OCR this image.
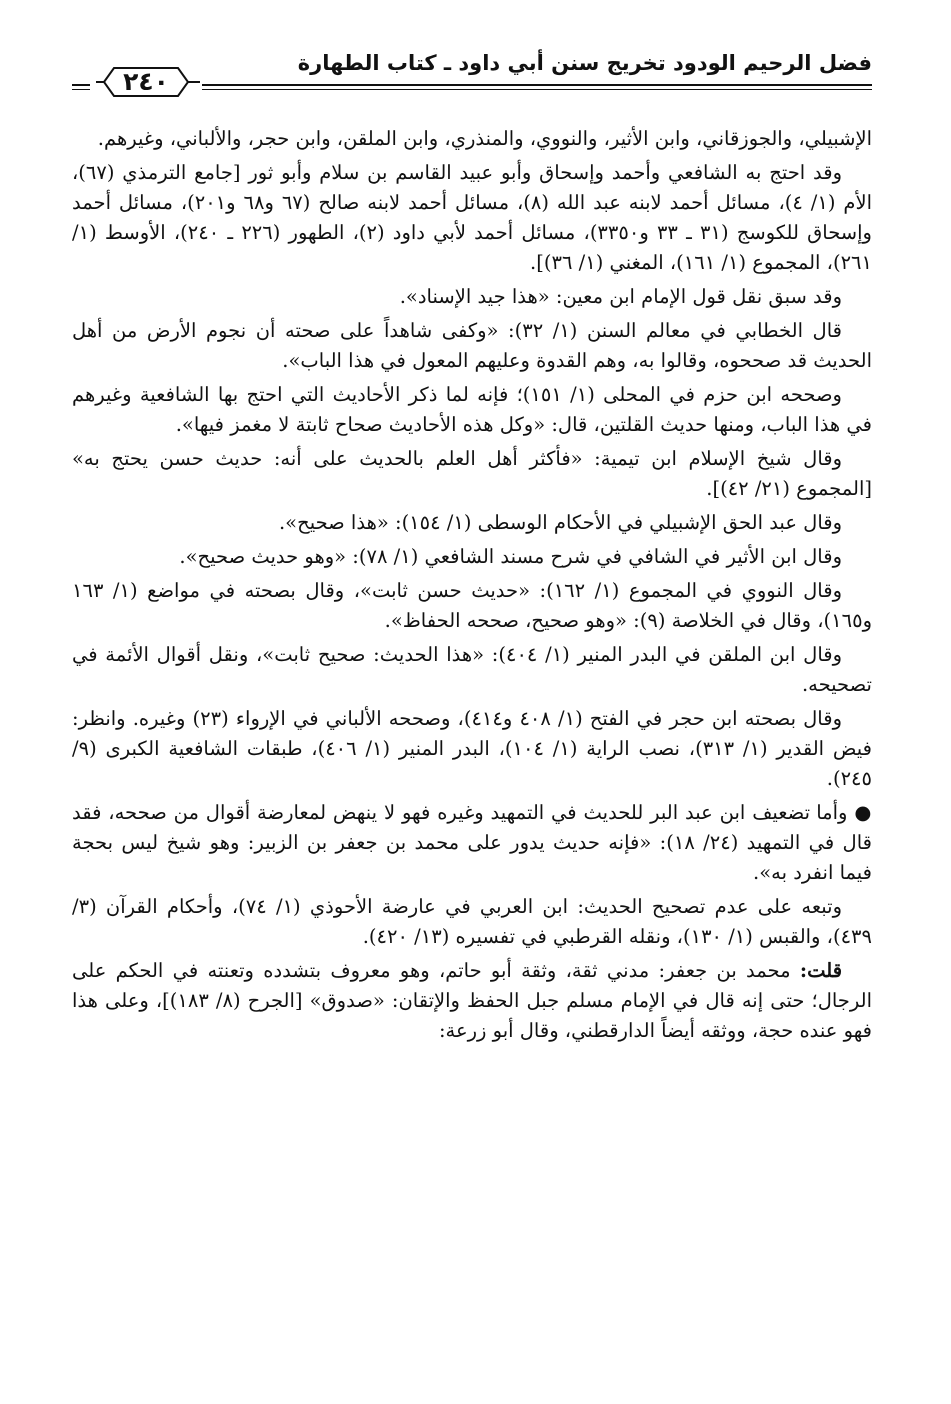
فضل الرحيم الودود تخريج سنن أبي داود ـ كتاب الطهارة
٢٤٠

الإشبيلي، والجوزقاني، وابن الأثير، والنووي، والمنذري، وابن الملقن، وابن حجر، والألباني، وغيرهم.

وقد احتج به الشافعي وأحمد وإسحاق وأبو عبيد القاسم بن سلام وأبو ثور [جامع الترمذي (٦٧)، الأم (١/ ٤)، مسائل أحمد لابنه عبد الله (٨)، مسائل أحمد لابنه صالح (٦٧ و٦٨ و٢٠١)، مسائل أحمد وإسحاق للكوسج (٣١ ـ ٣٣ و٣٣٥٠)، مسائل أحمد لأبي داود (٢)، الطهور (٢٢٦ ـ ٢٤٠)، الأوسط (١/ ٢٦١)، المجموع (١/ ١٦١)، المغني (١/ ٣٦)].

وقد سبق نقل قول الإمام ابن معين: «هذا جيد الإسناد».

قال الخطابي في معالم السنن (١/ ٣٢): «وكفى شاهداً على صحته أن نجوم الأرض من أهل الحديث قد صححوه، وقالوا به، وهم القدوة وعليهم المعول في هذا الباب».

وصححه ابن حزم في المحلى (١/ ١٥١)؛ فإنه لما ذكر الأحاديث التي احتج بها الشافعية وغيرهم في هذا الباب، ومنها حديث القلتين، قال: «وكل هذه الأحاديث صحاح ثابتة لا مغمز فيها».

وقال شيخ الإسلام ابن تيمية: «فأكثر أهل العلم بالحديث على أنه: حديث حسن يحتج به» [المجموع (٢١/ ٤٢)].

وقال عبد الحق الإشبيلي في الأحكام الوسطى (١/ ١٥٤): «هذا صحيح».

وقال ابن الأثير في الشافي في شرح مسند الشافعي (١/ ٧٨): «وهو حديث صحيح».

وقال النووي في المجموع (١/ ١٦٢): «حديث حسن ثابت»، وقال بصحته في مواضع (١/ ١٦٣ و١٦٥)، وقال في الخلاصة (٩): «وهو صحيح، صححه الحفاظ».

وقال ابن الملقن في البدر المنير (١/ ٤٠٤): «هذا الحديث: صحيح ثابت»، ونقل أقوال الأئمة في تصحيحه.

وقال بصحته ابن حجر في الفتح (١/ ٤٠٨ و٤١٤)، وصححه الألباني في الإرواء (٢٣) وغيره. وانظر: فيض القدير (١/ ٣١٣)، نصب الراية (١/ ١٠٤)، البدر المنير (١/ ٤٠٦)، طبقات الشافعية الكبرى (٩/ ٢٤٥).

● وأما تضعيف ابن عبد البر للحديث في التمهيد وغيره فهو لا ينهض لمعارضة أقوال من صححه، فقد قال في التمهيد (٢٤/ ١٨): «فإنه حديث يدور على محمد بن جعفر بن الزبير: وهو شيخ ليس بحجة فيما انفرد به».

وتبعه على عدم تصحيح الحديث: ابن العربي في عارضة الأحوذي (١/ ٧٤)، وأحكام القرآن (٣/ ٤٣٩)، والقبس (١/ ١٣٠)، ونقله القرطبي في تفسيره (١٣/ ٤٢٠).

قلت: محمد بن جعفر: مدني ثقة، وثقة أبو حاتم، وهو معروف بتشدده وتعنته في الحكم على الرجال؛ حتى إنه قال في الإمام مسلم جبل الحفظ والإتقان: «صدوق» [الجرح (٨/ ١٨٣)]، وعلى هذا فهو عنده حجة، ووثقه أيضاً الدارقطني، وقال أبو زرعة:
